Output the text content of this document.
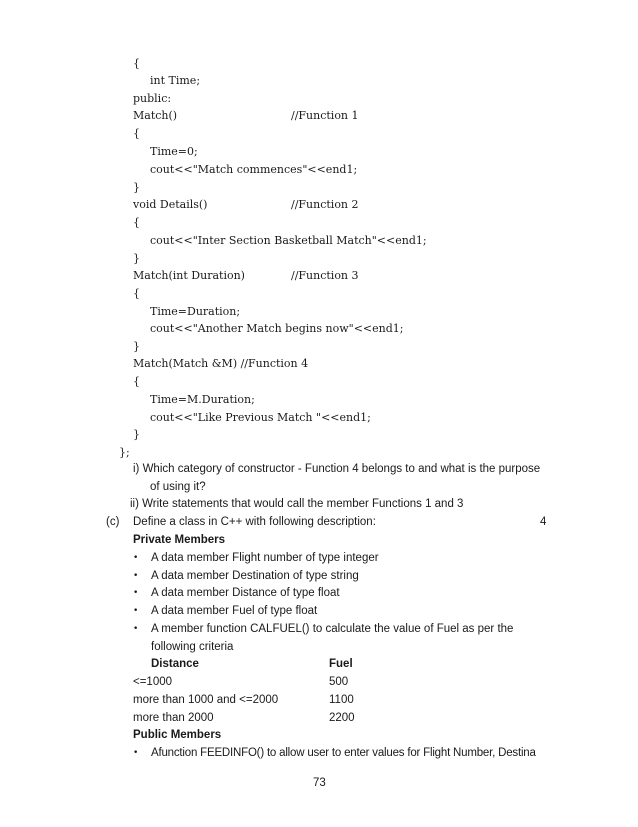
{
int Time;
public:
Match()	//Function 1
{
Time=0;
cout<<"Match commences"<<end1;
}
void Details()	//Function 2
{
cout<<"Inter Section Basketball Match"<<end1;
}
Match(int Duration)	//Function 3
{
Time=Duration;
cout<<"Another Match begins now"<<end1;
}
Match(Match &M) //Function 4
{
Time=M.Duration;
cout<<"Like Previous Match "<<end1;
}
};
i) Which category of constructor - Function 4 belongs to and what is the purpose
of using it?
ii) Write statements that would call the member Functions 1 and 3
(c) Define a class in C++ with following description:	4
Private Members
• A data member Flight number of type integer
• A data member Destination of type string
• A data member Distance of type float
• A data member Fuel of type float
• A member function CALFUEL() to calculate the value of Fuel as per the
following criteria
Distance	Fuel
<=1000	500
more than 1000 and <=2000	1100
more than 2000	2200
Public Members
• Afunction FEEDINFO() to allow user to enter values for Flight Number, Destina
73
